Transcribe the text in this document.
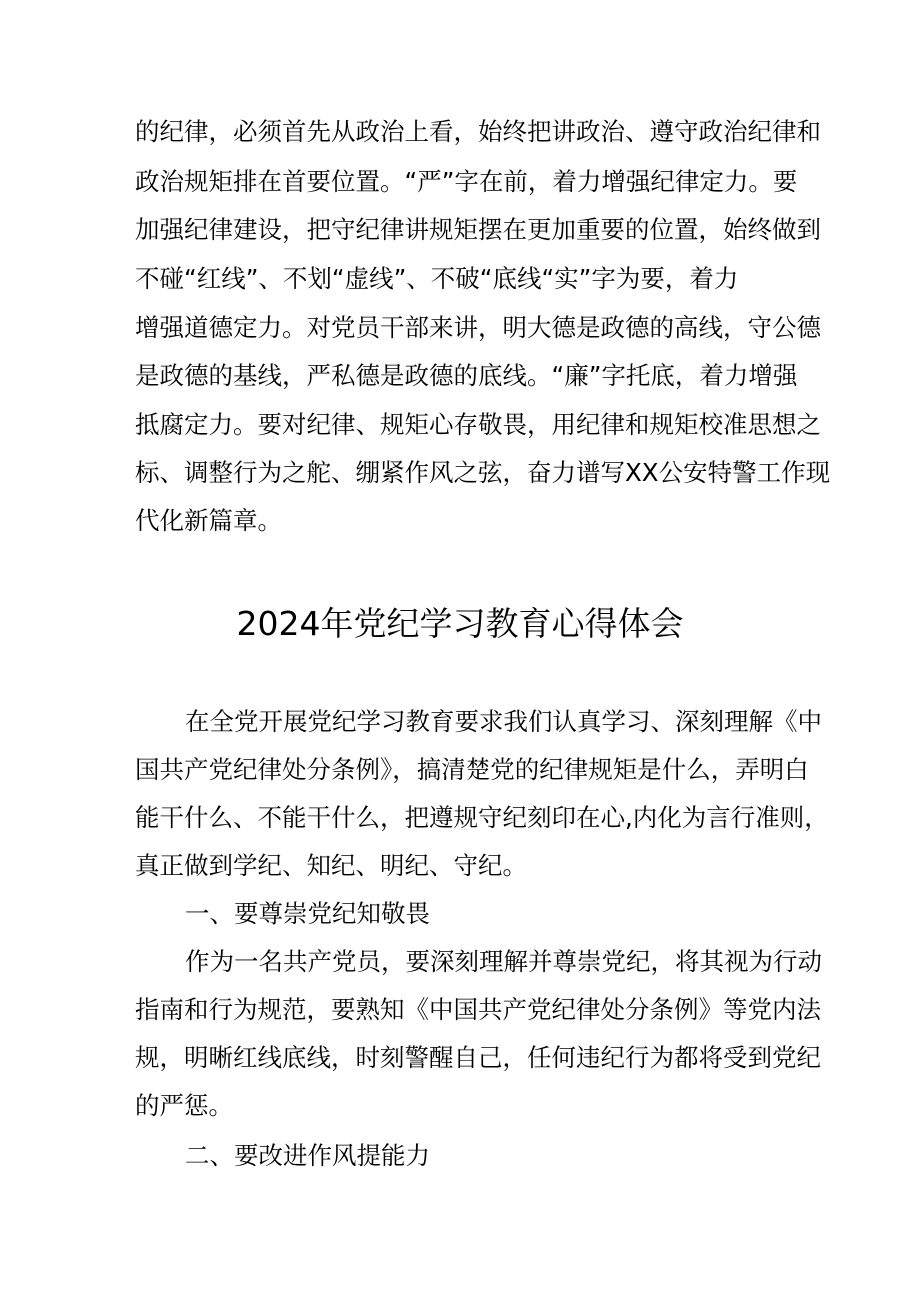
的纪律，必须首先从政治上看，始终把讲政治、遵守政治纪律和

政治规矩排在首要位置。“严”字在前，着力增强纪律定力。要

加强纪律建设，把守纪律讲规矩摆在更加重要的位置，始终做到

不碰“红线”、不划“虚线”、不破“底线“实”字为要，着力

增强道德定力。对党员干部来讲，明大德是政德的高线，守公德

是政德的基线，严私德是政德的底线。“廉”字托底，着力增强

抵腐定力。要对纪律、规矩心存敬畏，用纪律和规矩校准思想之

标、调整行为之舵、绷紧作风之弦，奋力谱写XX公安特警工作现

代化新篇章。

2024年党纪学习教育心得体会

在全党开展党纪学习教育要求我们认真学习、深刻理解《中

国共产党纪律处分条例》，搞清楚党的纪律规矩是什么，弄明白

能干什么、不能干什么，把遵规守纪刻印在心,内化为言行准则，

真正做到学纪、知纪、明纪、守纪。

一、要尊崇党纪知敬畏

作为一名共产党员，要深刻理解并尊崇党纪，将其视为行动

指南和行为规范，要熟知《中国共产党纪律处分条例》等党内法

规，明晰红线底线，时刻警醒自己，任何违纪行为都将受到党纪

的严惩。

二、要改进作风提能力
